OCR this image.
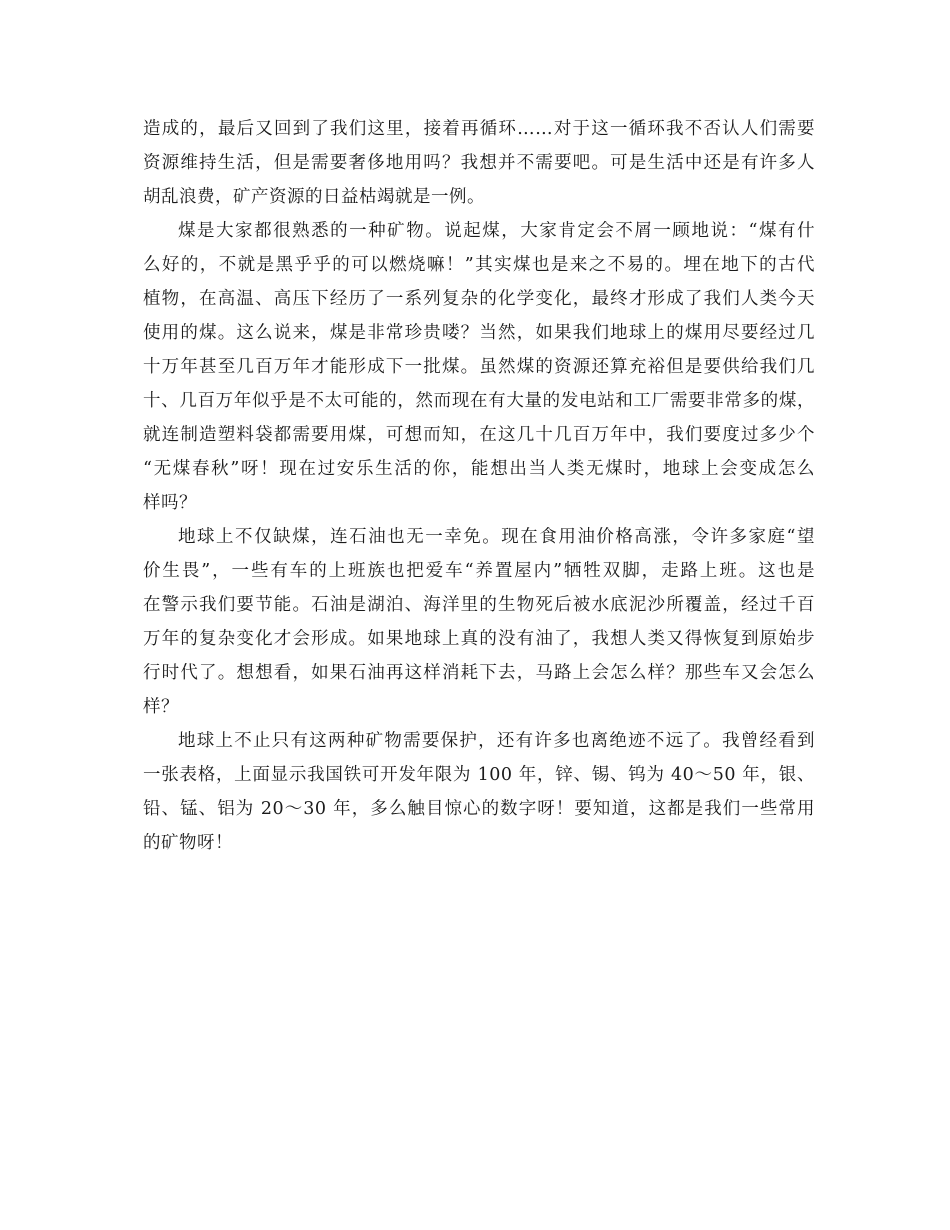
造成的，最后又回到了我们这里，接着再循环……对于这一循环我不否认人们需要
资源维持生活，但是需要奢侈地用吗？我想并不需要吧。可是生活中还是有许多人
胡乱浪费，矿产资源的日益枯竭就是一例。
煤是大家都很熟悉的一种矿物。说起煤，大家肯定会不屑一顾地说：“煤有什
么好的，不就是黑乎乎的可以燃烧嘛！”其实煤也是来之不易的。埋在地下的古代
植物，在高温、高压下经历了一系列复杂的化学变化，最终才形成了我们人类今天
使用的煤。这么说来，煤是非常珍贵喽？当然，如果我们地球上的煤用尽要经过几
十万年甚至几百万年才能形成下一批煤。虽然煤的资源还算充裕但是要供给我们几
十、几百万年似乎是不太可能的，然而现在有大量的发电站和工厂需要非常多的煤，
就连制造塑料袋都需要用煤，可想而知，在这几十几百万年中，我们要度过多少个
“无煤春秋”呀！现在过安乐生活的你，能想出当人类无煤时，地球上会变成怎么
样吗？
地球上不仅缺煤，连石油也无一幸免。现在食用油价格高涨，令许多家庭“望
价生畏”，一些有车的上班族也把爱车“养置屋内”牺牲双脚，走路上班。这也是
在警示我们要节能。石油是湖泊、海洋里的生物死后被水底泥沙所覆盖，经过千百
万年的复杂变化才会形成。如果地球上真的没有油了，我想人类又得恢复到原始步
行时代了。想想看，如果石油再这样消耗下去，马路上会怎么样？那些车又会怎么
样？
地球上不止只有这两种矿物需要保护，还有许多也离绝迹不远了。我曾经看到
一张表格，上面显示我国铁可开发年限为 100 年，锌、锡、钨为 40～50 年，银、
铅、锰、铝为 20～30 年，多么触目惊心的数字呀！要知道，这都是我们一些常用
的矿物呀！
